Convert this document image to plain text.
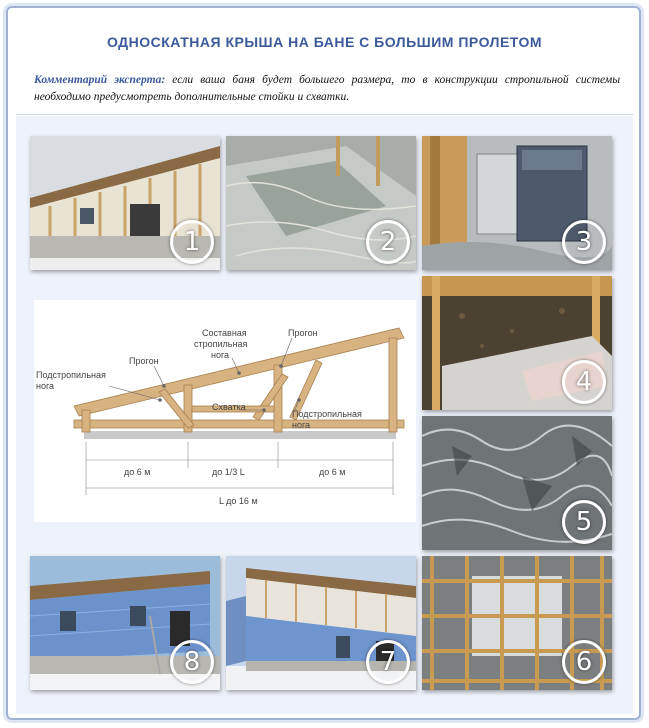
ОДНОСКАТНАЯ КРЫША НА БАНЕ С БОЛЬШИМ ПРОЛЕТОМ
Комментарий эксперта: если ваша баня будет большего размера, то в конструкции стропильной системы необходимо предусмотреть дополнительные стойки и схватки.
1	2	3
4
5
6
7
8
Составная
стропильная
нога
Прогон
Прогон
Подстропильная
нога
Схватка
Подстропильная
нога
до 6 м	до 1/3 L	до 6 м
L до 16 м
